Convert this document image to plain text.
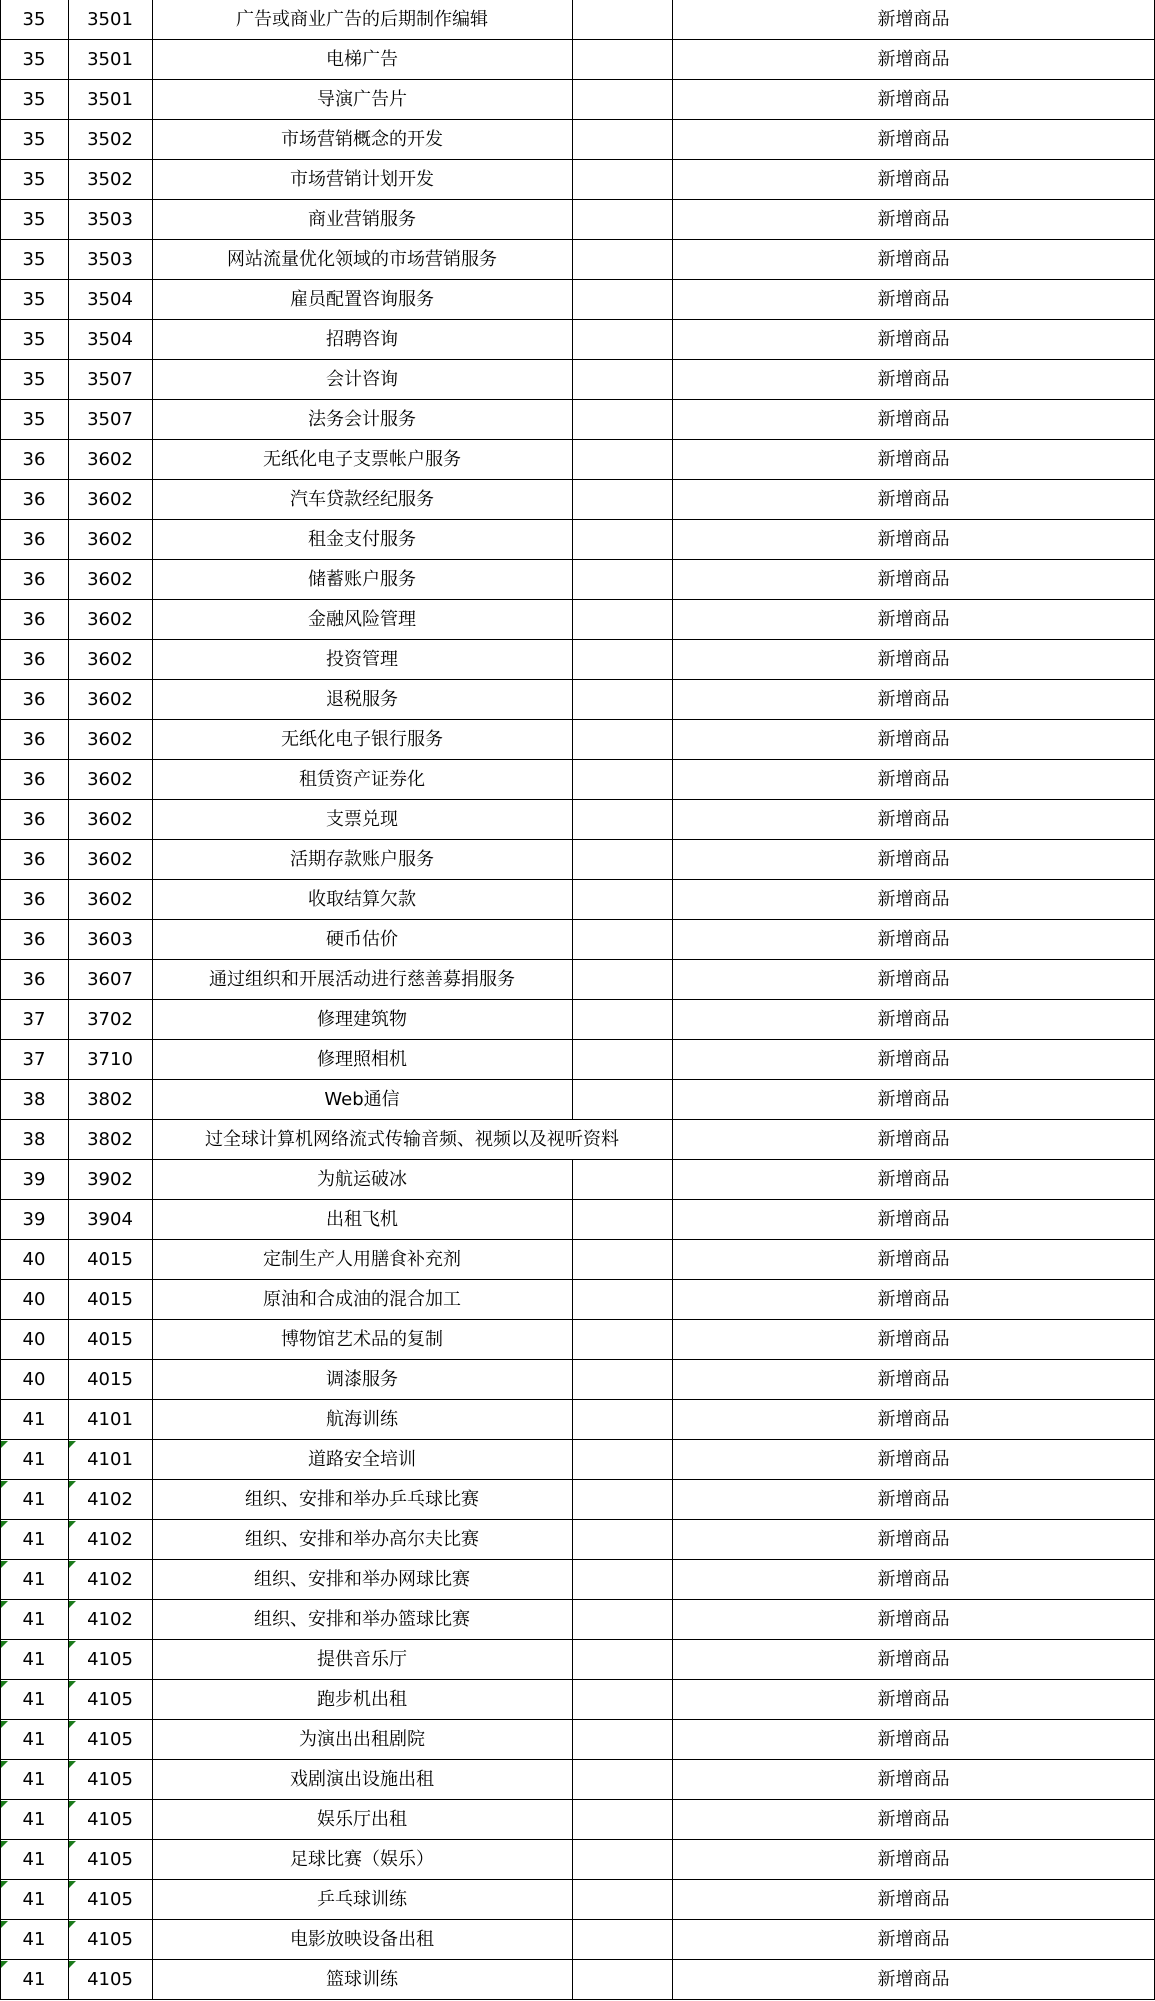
35	3501	广告或商业广告的后期制作编辑	新增商品
35	3501	电梯广告	新增商品
35	3501	导演广告片	新增商品
35	3502	市场营销概念的开发	新增商品
35	3502	市场营销计划开发	新增商品
35	3503	商业营销服务	新增商品
35	3503	网站流量优化领域的市场营销服务	新增商品
35	3504	雇员配置咨询服务	新增商品
35	3504	招聘咨询	新增商品
35	3507	会计咨询	新增商品
35	3507	法务会计服务	新增商品
36	3602	无纸化电子支票帐户服务	新增商品
36	3602	汽车贷款经纪服务	新增商品
36	3602	租金支付服务	新增商品
36	3602	储蓄账户服务	新增商品
36	3602	金融风险管理	新增商品
36	3602	投资管理	新增商品
36	3602	退税服务	新增商品
36	3602	无纸化电子银行服务	新增商品
36	3602	租赁资产证券化	新增商品
36	3602	支票兑现	新增商品
36	3602	活期存款账户服务	新增商品
36	3602	收取结算欠款	新增商品
36	3603	硬币估价	新增商品
36	3607	通过组织和开展活动进行慈善募捐服务	新增商品
37	3702	修理建筑物	新增商品
37	3710	修理照相机	新增商品
38	3802	Web通信	新增商品
38	3802	过全球计算机网络流式传输音频、视频以及视听资料	新增商品
39	3902	为航运破冰	新增商品
39	3904	出租飞机	新增商品
40	4015	定制生产人用膳食补充剂	新增商品
40	4015	原油和合成油的混合加工	新增商品
40	4015	博物馆艺术品的复制	新增商品
40	4015	调漆服务	新增商品
41	4101	航海训练	新增商品
41	4101	道路安全培训	新增商品
41	4102	组织、安排和举办乒乓球比赛	新增商品
41	4102	组织、安排和举办高尔夫比赛	新增商品
41	4102	组织、安排和举办网球比赛	新增商品
41	4102	组织、安排和举办篮球比赛	新增商品
41	4105	提供音乐厅	新增商品
41	4105	跑步机出租	新增商品
41	4105	为演出出租剧院	新增商品
41	4105	戏剧演出设施出租	新增商品
41	4105	娱乐厅出租	新增商品
41	4105	足球比赛（娱乐）	新增商品
41	4105	乒乓球训练	新增商品
41	4105	电影放映设备出租	新增商品
41	4105	篮球训练	新增商品
